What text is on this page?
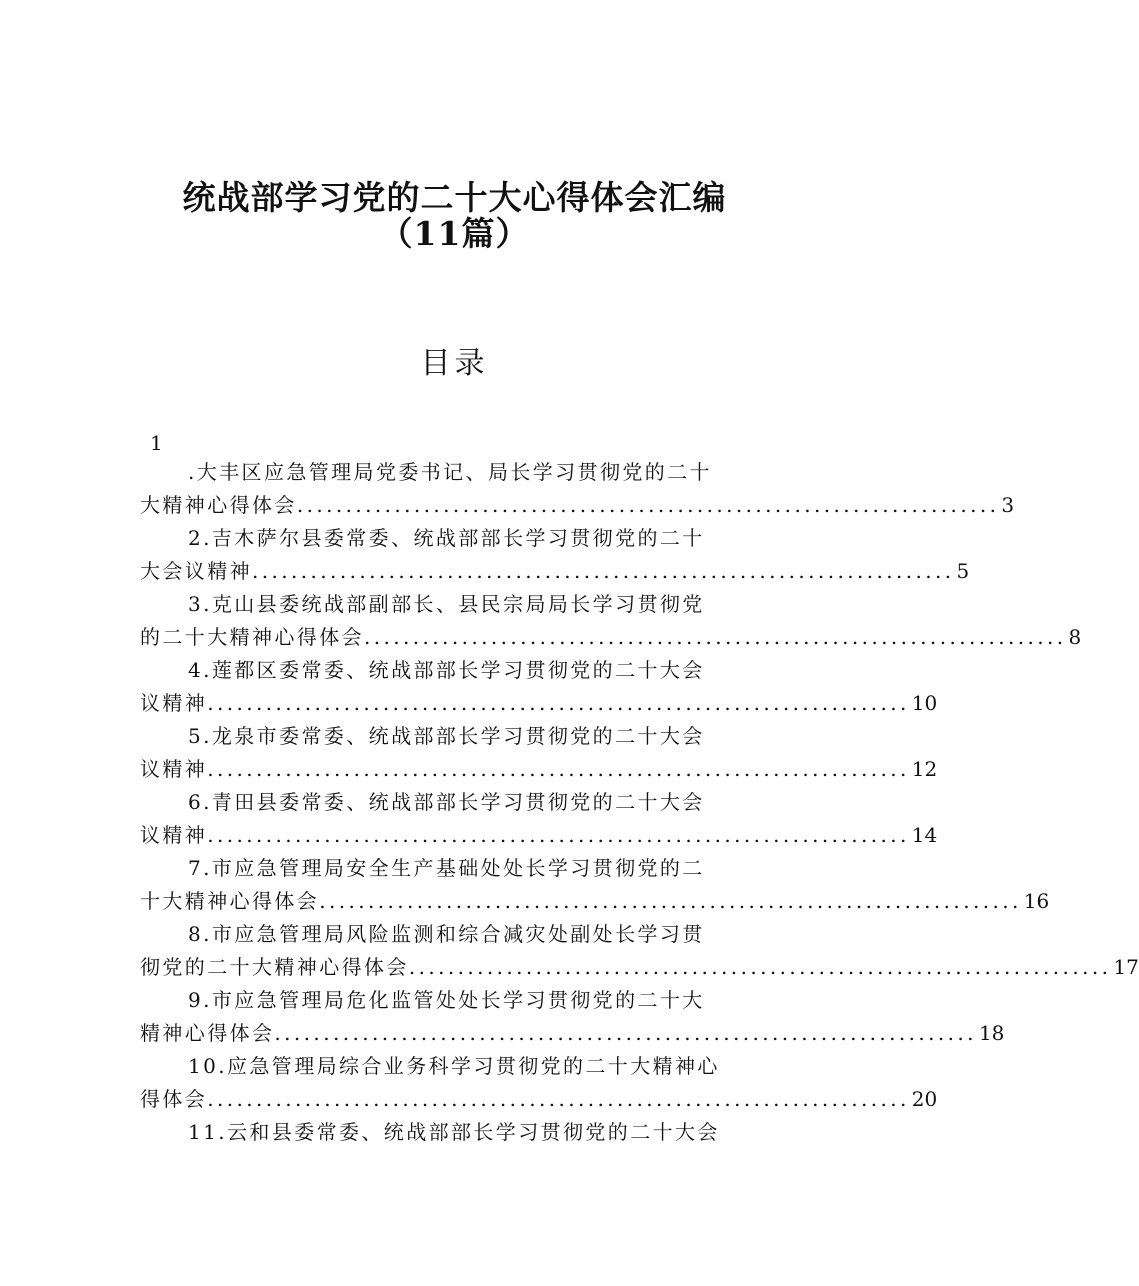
统战部学习党的二十大心得体会汇编
（11篇）
目录
1
.大丰区应急管理局党委书记、局长学习贯彻党的二十
大精神心得体会 ........................................................................ 3
2.吉木萨尔县委常委、统战部部长学习贯彻党的二十
大会议精神 ........................................................................ 5
3.克山县委统战部副部长、县民宗局局长学习贯彻党
的二十大精神心得体会 ........................................................................ 8
4.莲都区委常委、统战部部长学习贯彻党的二十大会
议精神 ........................................................................ 10
5.龙泉市委常委、统战部部长学习贯彻党的二十大会
议精神 ........................................................................ 12
6.青田县委常委、统战部部长学习贯彻党的二十大会
议精神 ........................................................................ 14
7.市应急管理局安全生产基础处处长学习贯彻党的二
十大精神心得体会 ........................................................................ 16
8.市应急管理局风险监测和综合减灾处副处长学习贯
彻党的二十大精神心得体会 ........................................................................ 17
9.市应急管理局危化监管处处长学习贯彻党的二十大
精神心得体会 ........................................................................ 18
10.应急管理局综合业务科学习贯彻党的二十大精神心
得体会 ........................................................................ 20
11.云和县委常委、统战部部长学习贯彻党的二十大会
